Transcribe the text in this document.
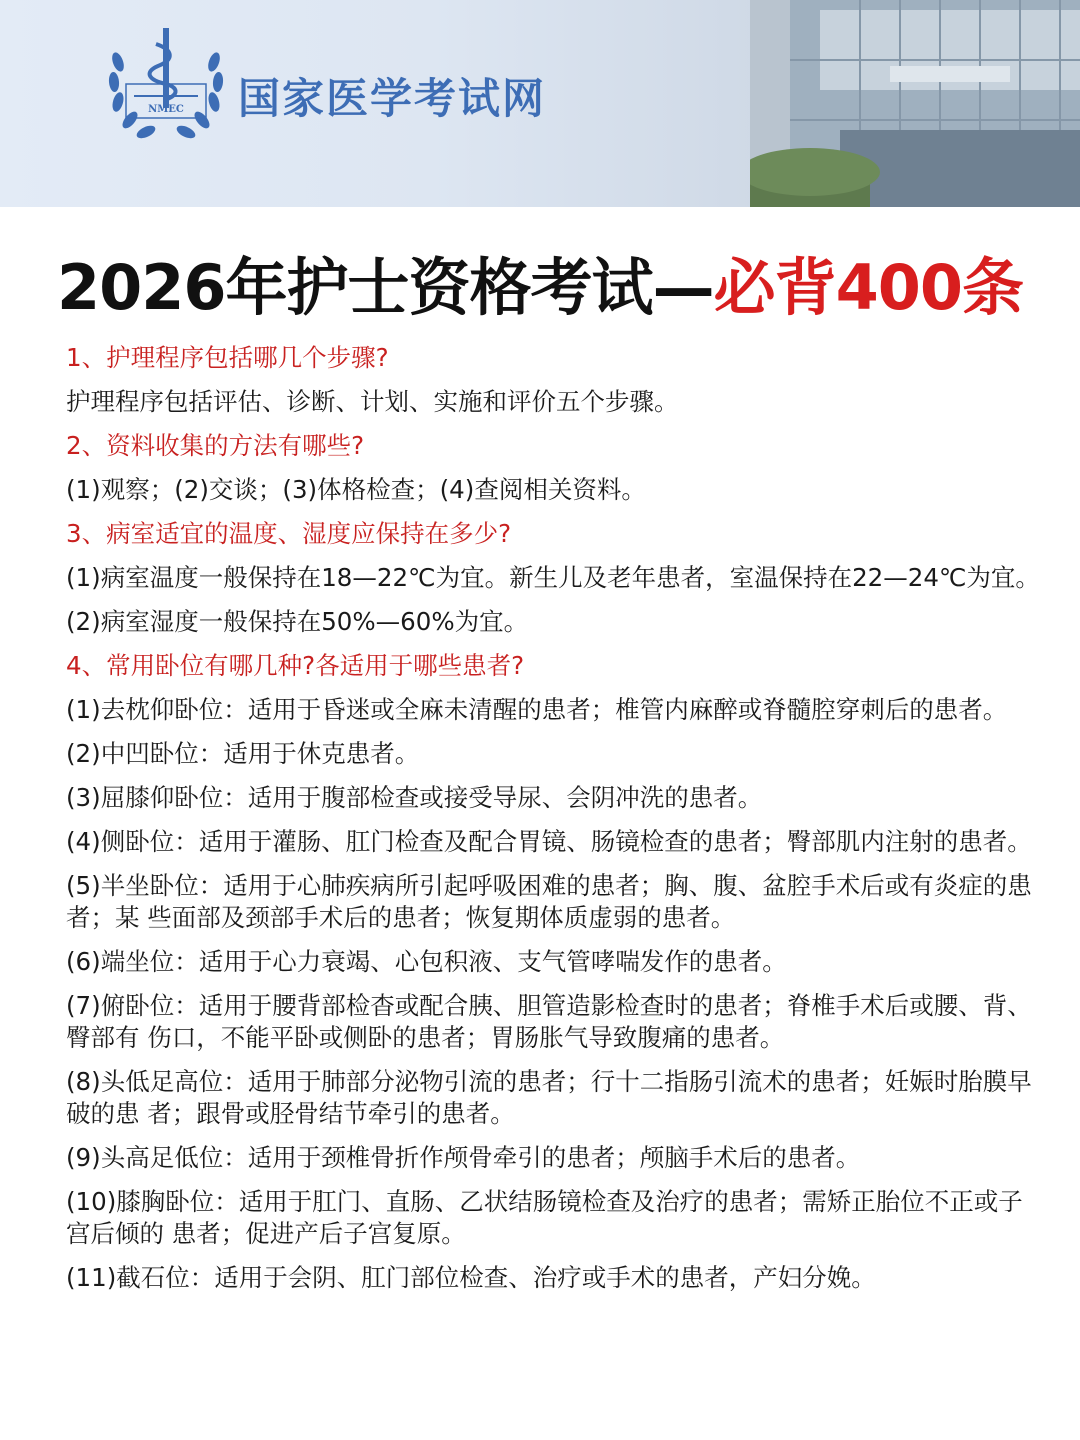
NMEC 国家医学考试网
2026年护士资格考试—必背400条
1、护理程序包括哪几个步骤?
护理程序包括评估、诊断、计划、实施和评价五个步骤。
2、资料收集的方法有哪些?
(1)观察；(2)交谈；(3)体格检查；(4)查阅相关资料。
3、病室适宜的温度、湿度应保持在多少?
(1)病室温度一般保持在18—22℃为宜。新生儿及老年患者，室温保持在22—24℃为宜。
(2)病室湿度一般保持在50%—60%为宜。
4、常用卧位有哪几种?各适用于哪些患者?
(1)去枕仰卧位：适用于昏迷或全麻未清醒的患者；椎管内麻醉或脊髓腔穿刺后的患者。
(2)中凹卧位：适用于休克患者。
(3)屈膝仰卧位：适用于腹部检查或接受导尿、会阴冲洗的患者。
(4)侧卧位：适用于灌肠、肛门检查及配合胃镜、肠镜检查的患者；臀部肌内注射的患者。
(5)半坐卧位：适用于心肺疾病所引起呼吸困难的患者；胸、腹、盆腔手术后或有炎症的患者；某 些面部及颈部手术后的患者；恢复期体质虚弱的患者。
(6)端坐位：适用于心力衰竭、心包积液、支气管哮喘发作的患者。
(7)俯卧位：适用于腰背部检杳或配合胰、胆管造影检查时的患者；脊椎手术后或腰、背、臀部有 伤口，不能平卧或侧卧的患者；胃肠胀气导致腹痛的患者。
(8)头低足高位：适用于肺部分泌物引流的患者；行十二指肠引流术的患者；妊娠时胎膜早破的患 者；跟骨或胫骨结节牵引的患者。
(9)头高足低位：适用于颈椎骨折作颅骨牵引的患者；颅脑手术后的患者。
(10)膝胸卧位：适用于肛门、直肠、乙状结肠镜检查及治疗的患者；需矫正胎位不正或子宫后倾的 患者；促进产后子宫复原。
(11)截石位：适用于会阴、肛门部位检查、治疗或手术的患者，产妇分娩。
